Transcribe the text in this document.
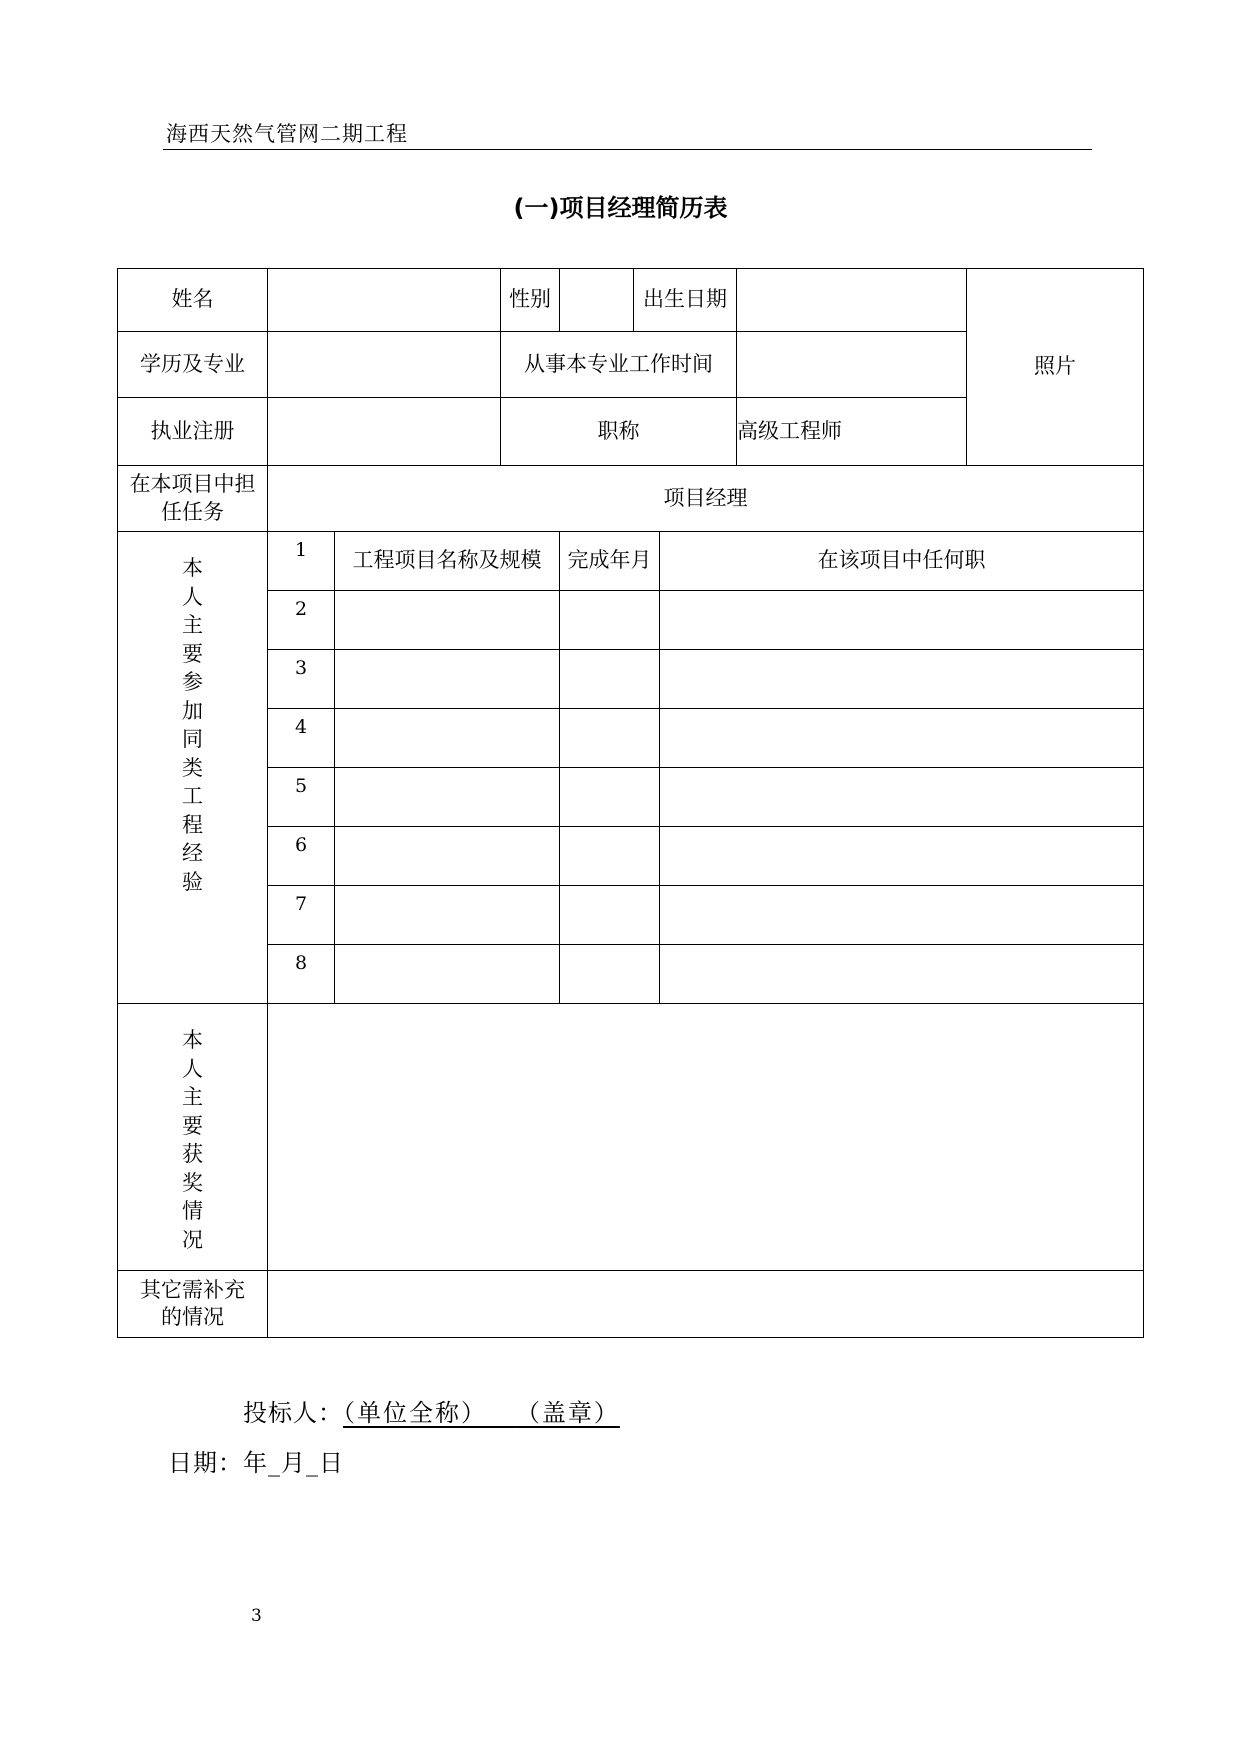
海西天然气管网二期工程
(一)项目经理简历表
姓名			性别		出生日期			照片
学历及专业			从事本专业工作时间					
执业注册			职称				高级工程师	
在本项目中担任任务	项目经理							
本人主要参加同类工程经验	1	工程项目名称及规模		完成年月		在该项目中任何职		
	2							
	3							
	4							
	5							
	6							
	7							
	8							
本人主要获奖情况								
其它需补充的情况								
投标人：（单位全称） （盖章）
日期：年_月_日
3
